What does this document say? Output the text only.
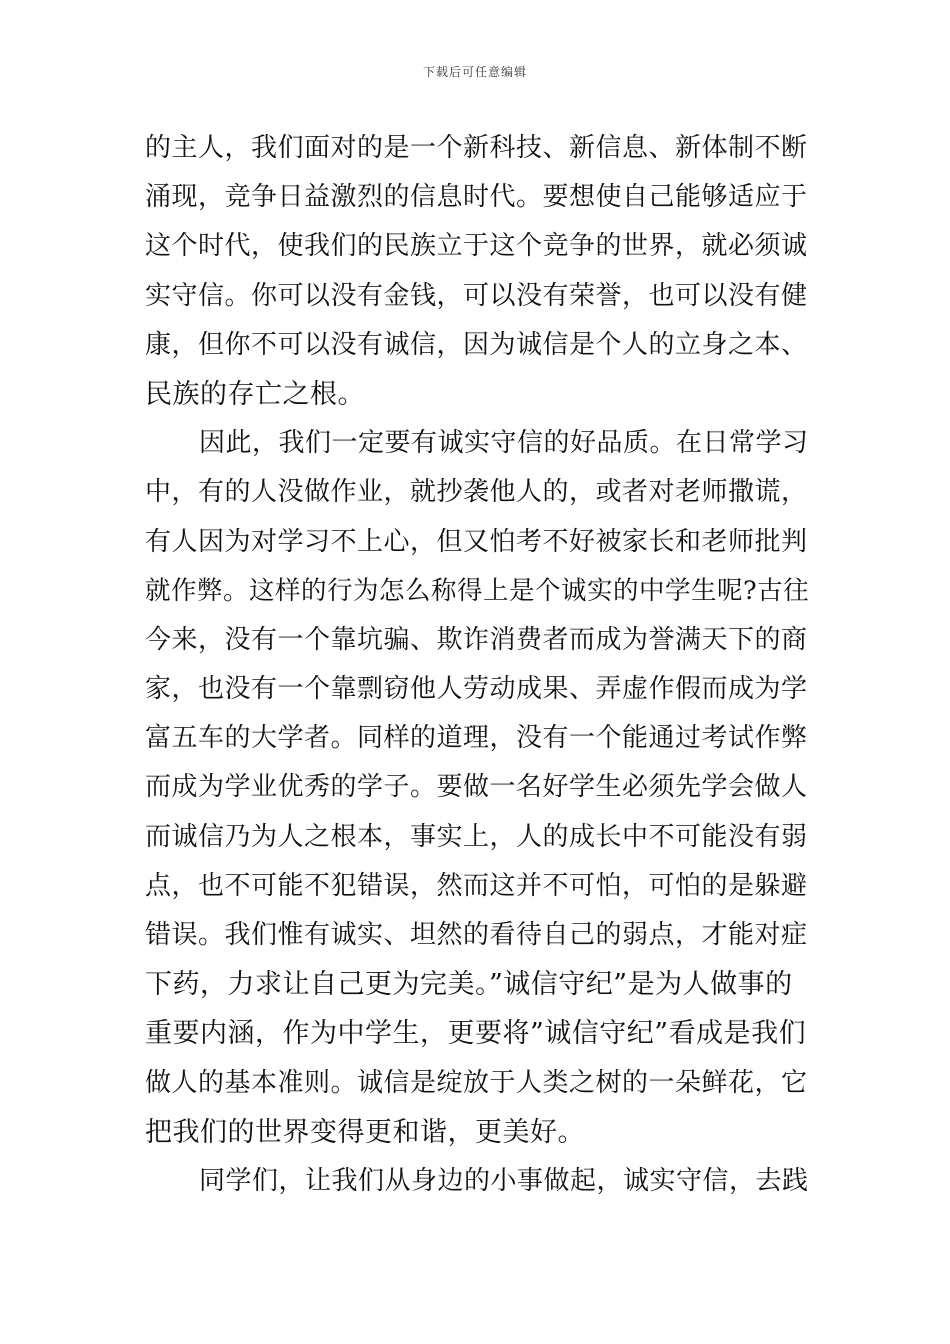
下载后可任意编辑
的主人，我们面对的是一个新科技、新信息、新体制不断
涌现，竞争日益激烈的信息时代。要想使自己能够适应于
这个时代，使我们的民族立于这个竞争的世界，就必须诚
实守信。你可以没有金钱，可以没有荣誉，也可以没有健
康，但你不可以没有诚信，因为诚信是个人的立身之本、
民族的存亡之根。
因此，我们一定要有诚实守信的好品质。在日常学习
中，有的人没做作业，就抄袭他人的，或者对老师撒谎，
有人因为对学习不上心，但又怕考不好被家长和老师批判
就作弊。这样的行为怎么称得上是个诚实的中学生呢?古往
今来，没有一个靠坑骗、欺诈消费者而成为誉满天下的商
家，也没有一个靠剽窃他人劳动成果、弄虚作假而成为学
富五车的大学者。同样的道理，没有一个能通过考试作弊
而成为学业优秀的学子。要做一名好学生必须先学会做人
而诚信乃为人之根本，事实上，人的成长中不可能没有弱
点，也不可能不犯错误，然而这并不可怕，可怕的是躲避
错误。我们惟有诚实、坦然的看待自己的弱点，才能对症
下药，力求让自己更为完美。”诚信守纪”是为人做事的
重要内涵，作为中学生，更要将”诚信守纪”看成是我们
做人的基本准则。诚信是绽放于人类之树的一朵鲜花，它
把我们的世界变得更和谐，更美好。
同学们，让我们从身边的小事做起，诚实守信，去践
